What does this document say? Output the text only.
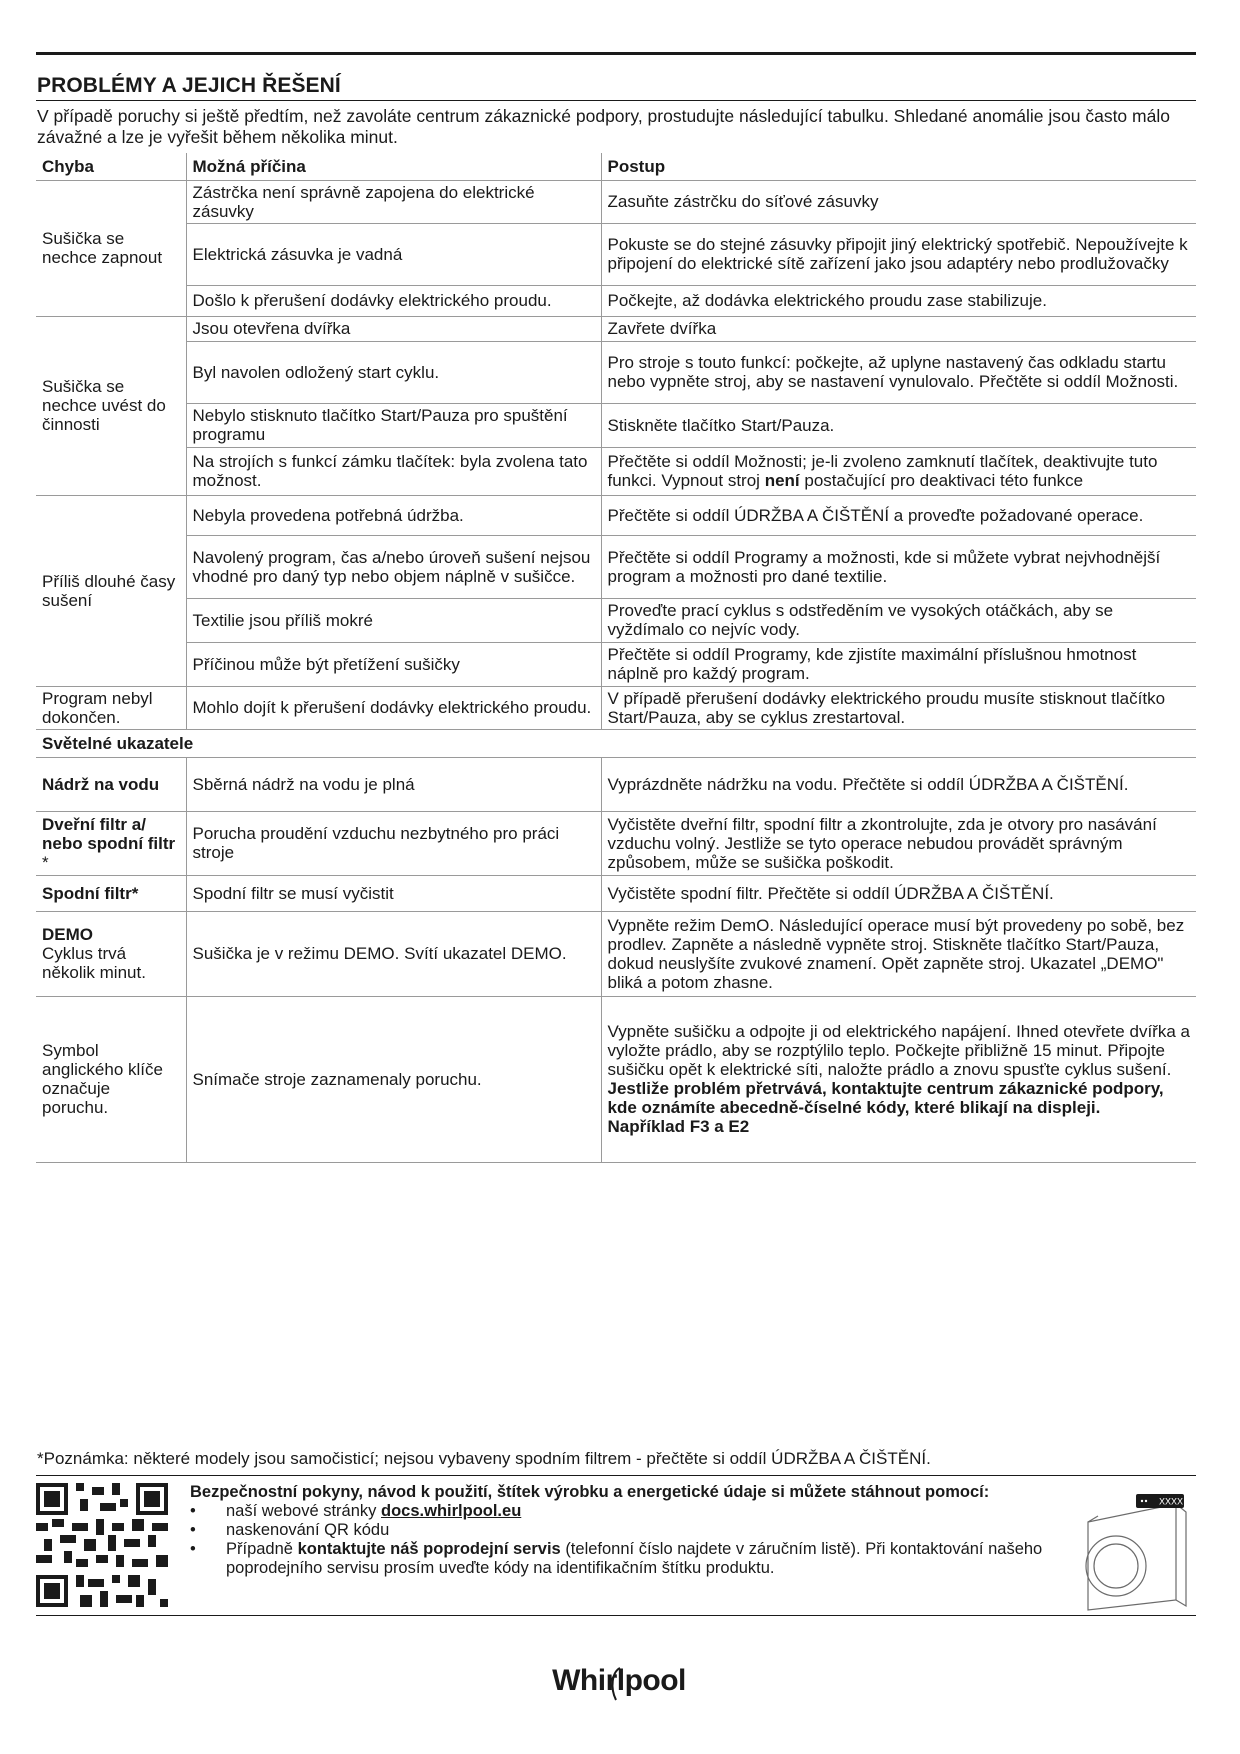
PROBLÉMY A JEJICH ŘEŠENÍ
V případě poruchy si ještě předtím, než zavoláte centrum zákaznické podpory, prostudujte následující tabulku. Shledané anomálie jsou často málo závažné a lze je vyřešit během několika minut.
Chyba	Možná příčina	Postup
Sušička se nechce zapnout	Zástrčka není správně zapojena do elektrické zásuvky	Zasuňte zástrčku do síťové zásuvky
	Elektrická zásuvka je vadná	Pokuste se do stejné zásuvky připojit jiný elektrický spotřebič. Nepoužívejte k připojení do elektrické sítě zařízení jako jsou adaptéry nebo prodlužovačky
	Došlo k přerušení dodávky elektrického proudu.	Počkejte, až dodávka elektrického proudu zase stabilizuje.
Sušička se nechce uvést do činnosti	Jsou otevřena dvířka	Zavřete dvířka
	Byl navolen odložený start cyklu.	Pro stroje s touto funkcí: počkejte, až uplyne nastavený čas odkladu startu nebo vypněte stroj, aby se nastavení vynulovalo. Přečtěte si oddíl Možnosti.
	Nebylo stisknuto tlačítko Start/Pauza pro spuštění programu	Stiskněte tlačítko Start/Pauza.
	Na strojích s funkcí zámku tlačítek: byla zvolena tato možnost.	Přečtěte si oddíl Možnosti; je-li zvoleno zamknutí tlačítek, deaktivujte tuto funkci. Vypnout stroj není postačující pro deaktivaci této funkce
Příliš dlouhé časy sušení	Nebyla provedena potřebná údržba.	Přečtěte si oddíl ÚDRŽBA A ČIŠTĚNÍ a proveďte požadované operace.
	Navolený program, čas a/nebo úroveň sušení nejsou vhodné pro daný typ nebo objem náplně v sušičce.	Přečtěte si oddíl Programy a možnosti, kde si můžete vybrat nejvhodnější program a možnosti pro dané textilie.
	Textilie jsou příliš mokré	Proveďte prací cyklus s odstředěním ve vysokých otáčkách, aby se vyždímalo co nejvíc vody.
	Příčinou může být přetížení sušičky	Přečtěte si oddíl Programy, kde zjistíte maximální příslušnou hmotnost náplně pro každý program.
Program nebyl dokončen.	Mohlo dojít k přerušení dodávky elektrického proudu.	V případě přerušení dodávky elektrického proudu musíte stisknout tlačítko Start/Pauza, aby se cyklus zrestartoval.
Světelné ukazatele		
Nádrž na vodu	Sběrná nádrž na vodu je plná	Vyprázdněte nádržku na vodu. Přečtěte si oddíl ÚDRŽBA A ČIŠTĚNÍ.
Dveřní filtr a/ nebo spodní filtr *	Porucha proudění vzduchu nezbytného pro práci stroje	Vyčistěte dveřní filtr, spodní filtr a zkontrolujte, zda je otvory pro nasávání vzduchu volný. Jestliže se tyto operace nebudou provádět správným způsobem, může se sušička poškodit.
Spodní filtr*	Spodní filtr se musí vyčistit	Vyčistěte spodní filtr. Přečtěte si oddíl ÚDRŽBA A ČIŠTĚNÍ.

DEMO
Cyklus trvá několik minut.	Sušička je v režimu DEMO. Svítí ukazatel DEMO.	Vypněte režim DemO. Následující operace musí být provedeny po sobě, bez prodlev. Zapněte a následně vypněte stroj. Stiskněte tlačítko Start/Pauza, dokud neuslyšíte zvukové znamení. Opět zapněte stroj. Ukazatel „DEMO" bliká a potom zhasne.
Symbol anglického klíče označuje poruchu.	Snímače stroje zaznamenaly poruchu.	Vypněte sušičku a odpojte ji od elektrického napájení. Ihned otevřete dvířka a vyložte prádlo, aby se rozptýlilo teplo. Počkejte přibližně 15 minut. Připojte sušičku opět k elektrické síti, naložte prádlo a znovu spusťte cyklus sušení.
Jestliže problém přetrvává, kontaktujte centrum zákaznické podpory, kde oznámíte abecedně-číselné kódy, které blikají na displeji.
Například F3 a E2
*Poznámka: některé modely jsou samočisticí; nejsou vybaveny spodním filtrem - přečtěte si oddíl ÚDRŽBA A ČIŠTĚNÍ.
Bezpečnostní pokyny, návod k použití, štítek výrobku a energetické údaje si můžete stáhnout pomocí:
• naší webové stránky docs.whirlpool.eu
• naskenování QR kódu
• Případně kontaktujte náš poprodejní servis (telefonní číslo najdete v záručním listě). Při kontaktování našeho poprodejního servisu prosím uveďte kódy na identifikačním štítku produktu.
XXXX
Whirlpool
